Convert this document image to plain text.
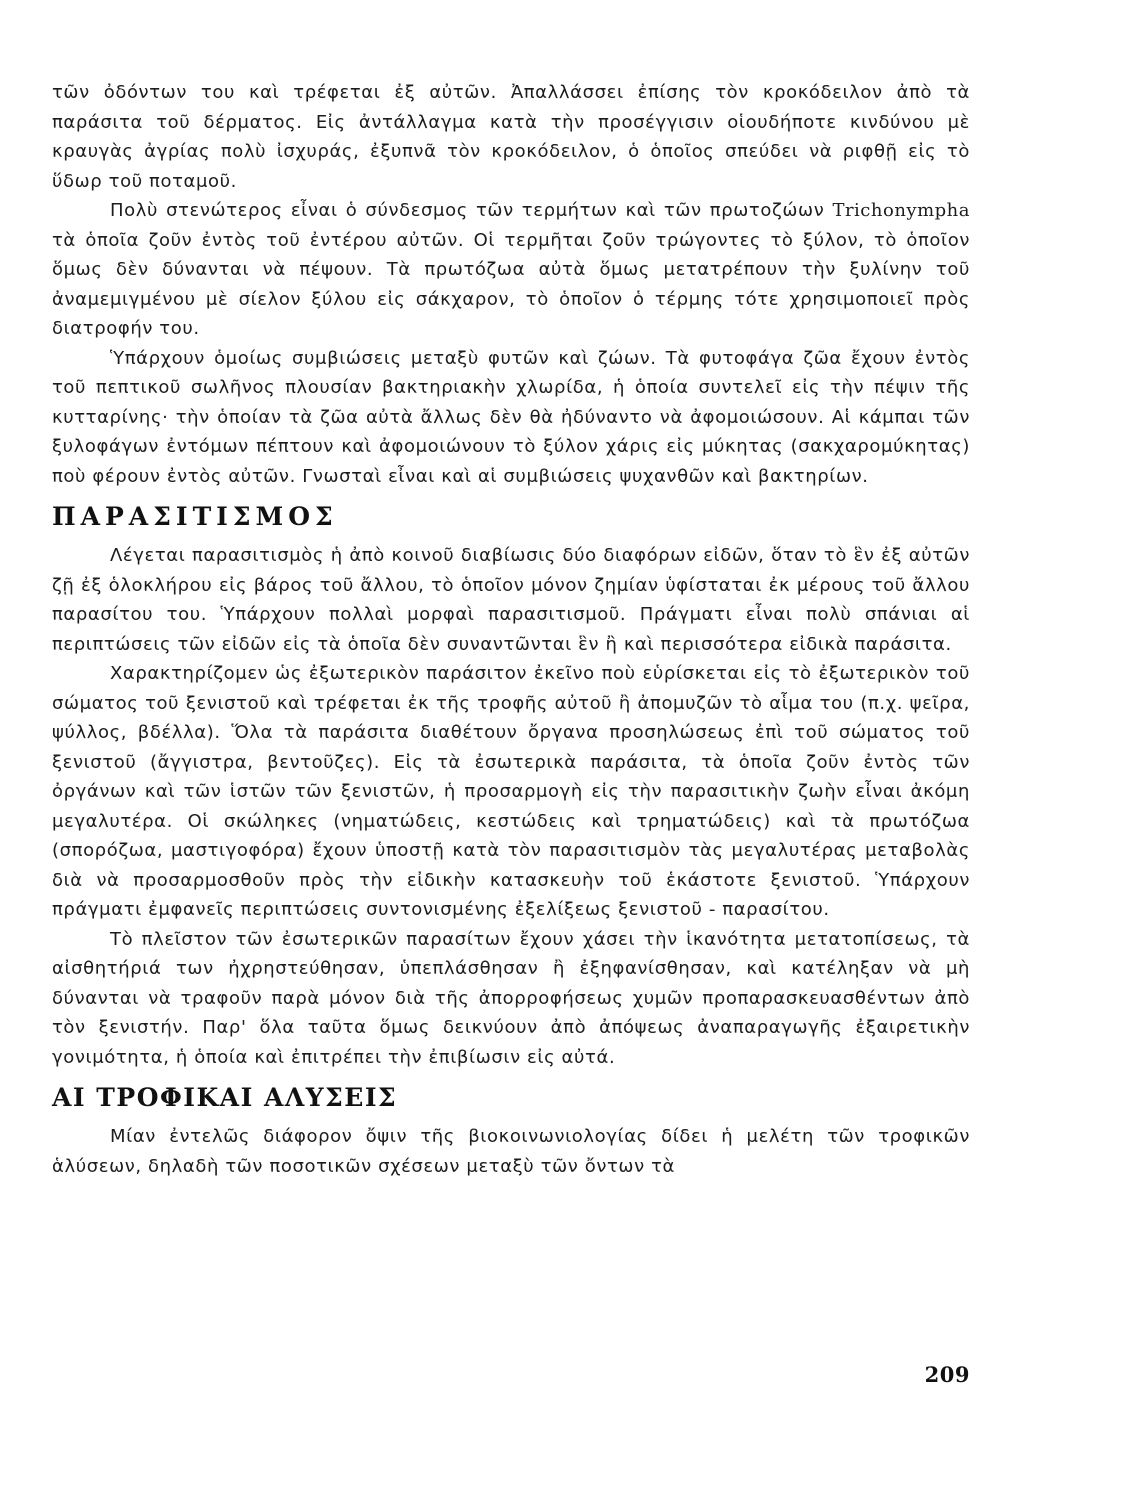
τῶν ὀδόντων του καὶ τρέφεται ἐξ αὐτῶν. Ἀπαλλάσσει ἐπίσης τὸν κροκόδειλον ἀπὸ τὰ παράσιτα τοῦ δέρματος. Εἰς ἀντάλλαγμα κατὰ τὴν προσέγγισιν οἱουδήποτε κινδύνου μὲ κραυγὰς ἀγρίας πολὺ ἰσχυράς, ἐξυπνᾶ τὸν κροκόδειλον, ὁ ὁποῖος σπεύδει νὰ ριφθῇ εἰς τὸ ὕδωρ τοῦ ποταμοῦ.

Πολὺ στενώτερος εἶναι ὁ σύνδεσμος τῶν τερμήτων καὶ τῶν πρωτοζώων Trichonympha τὰ ὁποῖα ζοῦν ἐντὸς τοῦ ἐντέρου αὐτῶν. Οἱ τερμῆται ζοῦν τρώγοντες τὸ ξύλον, τὸ ὁποῖον ὅμως δὲν δύνανται νὰ πέψουν. Τὰ πρωτόζωα αὐτὰ ὅμως μετατρέπουν τὴν ξυλίνην τοῦ ἀναμεμιγμένου μὲ σίελον ξύλου εἰς σάκχαρον, τὸ ὁποῖον ὁ τέρμης τότε χρησιμοποιεῖ πρὸς διατροφήν του.

Ὑπάρχουν ὁμοίως συμβιώσεις μεταξὺ φυτῶν καὶ ζώων. Τὰ φυτοφάγα ζῶα ἔχουν ἐντὸς τοῦ πεπτικοῦ σωλῆνος πλουσίαν βακτηριακὴν χλωρίδα, ἡ ὁποία συντελεῖ εἰς τὴν πέψιν τῆς κυτταρίνης· τὴν ὁποίαν τὰ ζῶα αὐτὰ ἄλλως δὲν θὰ ἠδύναντο νὰ ἀφομοιώσουν. Αἱ κάμπαι τῶν ξυλοφάγων ἐντόμων πέπτουν καὶ ἀφομοιώνουν τὸ ξύλον χάρις εἰς μύκητας (σακχαρομύκητας) ποὺ φέρουν ἐντὸς αὐτῶν. Γνωσταὶ εἶναι καὶ αἱ συμβιώσεις ψυχανθῶν καὶ βακτηρίων.

ΠΑΡΑΣΙΤΙΣΜΟΣ

Λέγεται παρασιτισμὸς ἡ ἀπὸ κοινοῦ διαβίωσις δύο διαφόρων εἰδῶν, ὅταν τὸ ἓν ἐξ αὐτῶν ζῇ ἐξ ὁλοκλήρου εἰς βάρος τοῦ ἄλλου, τὸ ὁποῖον μόνον ζημίαν ὑφίσταται ἐκ μέρους τοῦ ἄλλου παρασίτου του. Ὑπάρχουν πολλαὶ μορφαὶ παρασιτισμοῦ. Πράγματι εἶναι πολὺ σπάνιαι αἱ περιπτώσεις τῶν εἰδῶν εἰς τὰ ὁποῖα δὲν συναντῶνται ἓν ἢ καὶ περισσότερα εἰδικὰ παράσιτα.

Χαρακτηρίζομεν ὡς ἐξωτερικὸν παράσιτον ἐκεῖνο ποὺ εὑρίσκεται εἰς τὸ ἐξωτερικὸν τοῦ σώματος τοῦ ξενιστοῦ καὶ τρέφεται ἐκ τῆς τροφῆς αὐτοῦ ἢ ἀπομυζῶν τὸ αἷμα του (π.χ. ψεῖρα, ψύλλος, βδέλλα). Ὅλα τὰ παράσιτα διαθέτουν ὄργανα προσηλώσεως ἐπὶ τοῦ σώματος τοῦ ξενιστοῦ (ἄγγιστρα, βεντοῦζες). Εἰς τὰ ἐσωτερικὰ παράσιτα, τὰ ὁποῖα ζοῦν ἐντὸς τῶν ὀργάνων καὶ τῶν ἱστῶν τῶν ξενιστῶν, ἡ προσαρμογὴ εἰς τὴν παρασιτικὴν ζωὴν εἶναι ἀκόμη μεγαλυτέρα. Οἱ σκώληκες (νηματώδεις, κεστώδεις καὶ τρηματώδεις) καὶ τὰ πρωτόζωα (σπορόζωα, μαστιγοφόρα) ἔχουν ὑποστῇ κατὰ τὸν παρασιτισμὸν τὰς μεγαλυτέρας μεταβολὰς διὰ νὰ προσαρμοσθοῦν πρὸς τὴν εἰδικὴν κατασκευὴν τοῦ ἑκάστοτε ξενιστοῦ. Ὑπάρχουν πράγματι ἐμφανεῖς περιπτώσεις συντονισμένης ἐξελίξεως ξενιστοῦ - παρασίτου.

Τὸ πλεῖστον τῶν ἐσωτερικῶν παρασίτων ἔχουν χάσει τὴν ἱκανότητα μετατοπίσεως, τὰ αἰσθητήριά των ἠχρηστεύθησαν, ὑπεπλάσθησαν ἢ ἐξηφανίσθησαν, καὶ κατέληξαν νὰ μὴ δύνανται νὰ τραφοῦν παρὰ μόνον διὰ τῆς ἀπορροφήσεως χυμῶν προπαρασκευασθέντων ἀπὸ τὸν ξενιστήν. Παρ' ὅλα ταῦτα ὅμως δεικνύουν ἀπὸ ἀπόψεως ἀναπαραγωγῆς ἐξαιρετικὴν γονιμότητα, ἡ ὁποία καὶ ἐπιτρέπει τὴν ἐπιβίωσιν εἰς αὐτά.

ΑΙ ΤΡΟΦΙΚΑΙ ΑΛΥΣΕΙΣ

Μίαν ἐντελῶς διάφορον ὄψιν τῆς βιοκοινωνιολογίας δίδει ἡ μελέτη τῶν τροφικῶν ἁλύσεων, δηλαδὴ τῶν ποσοτικῶν σχέσεων μεταξὺ τῶν ὄντων τὰ

209
